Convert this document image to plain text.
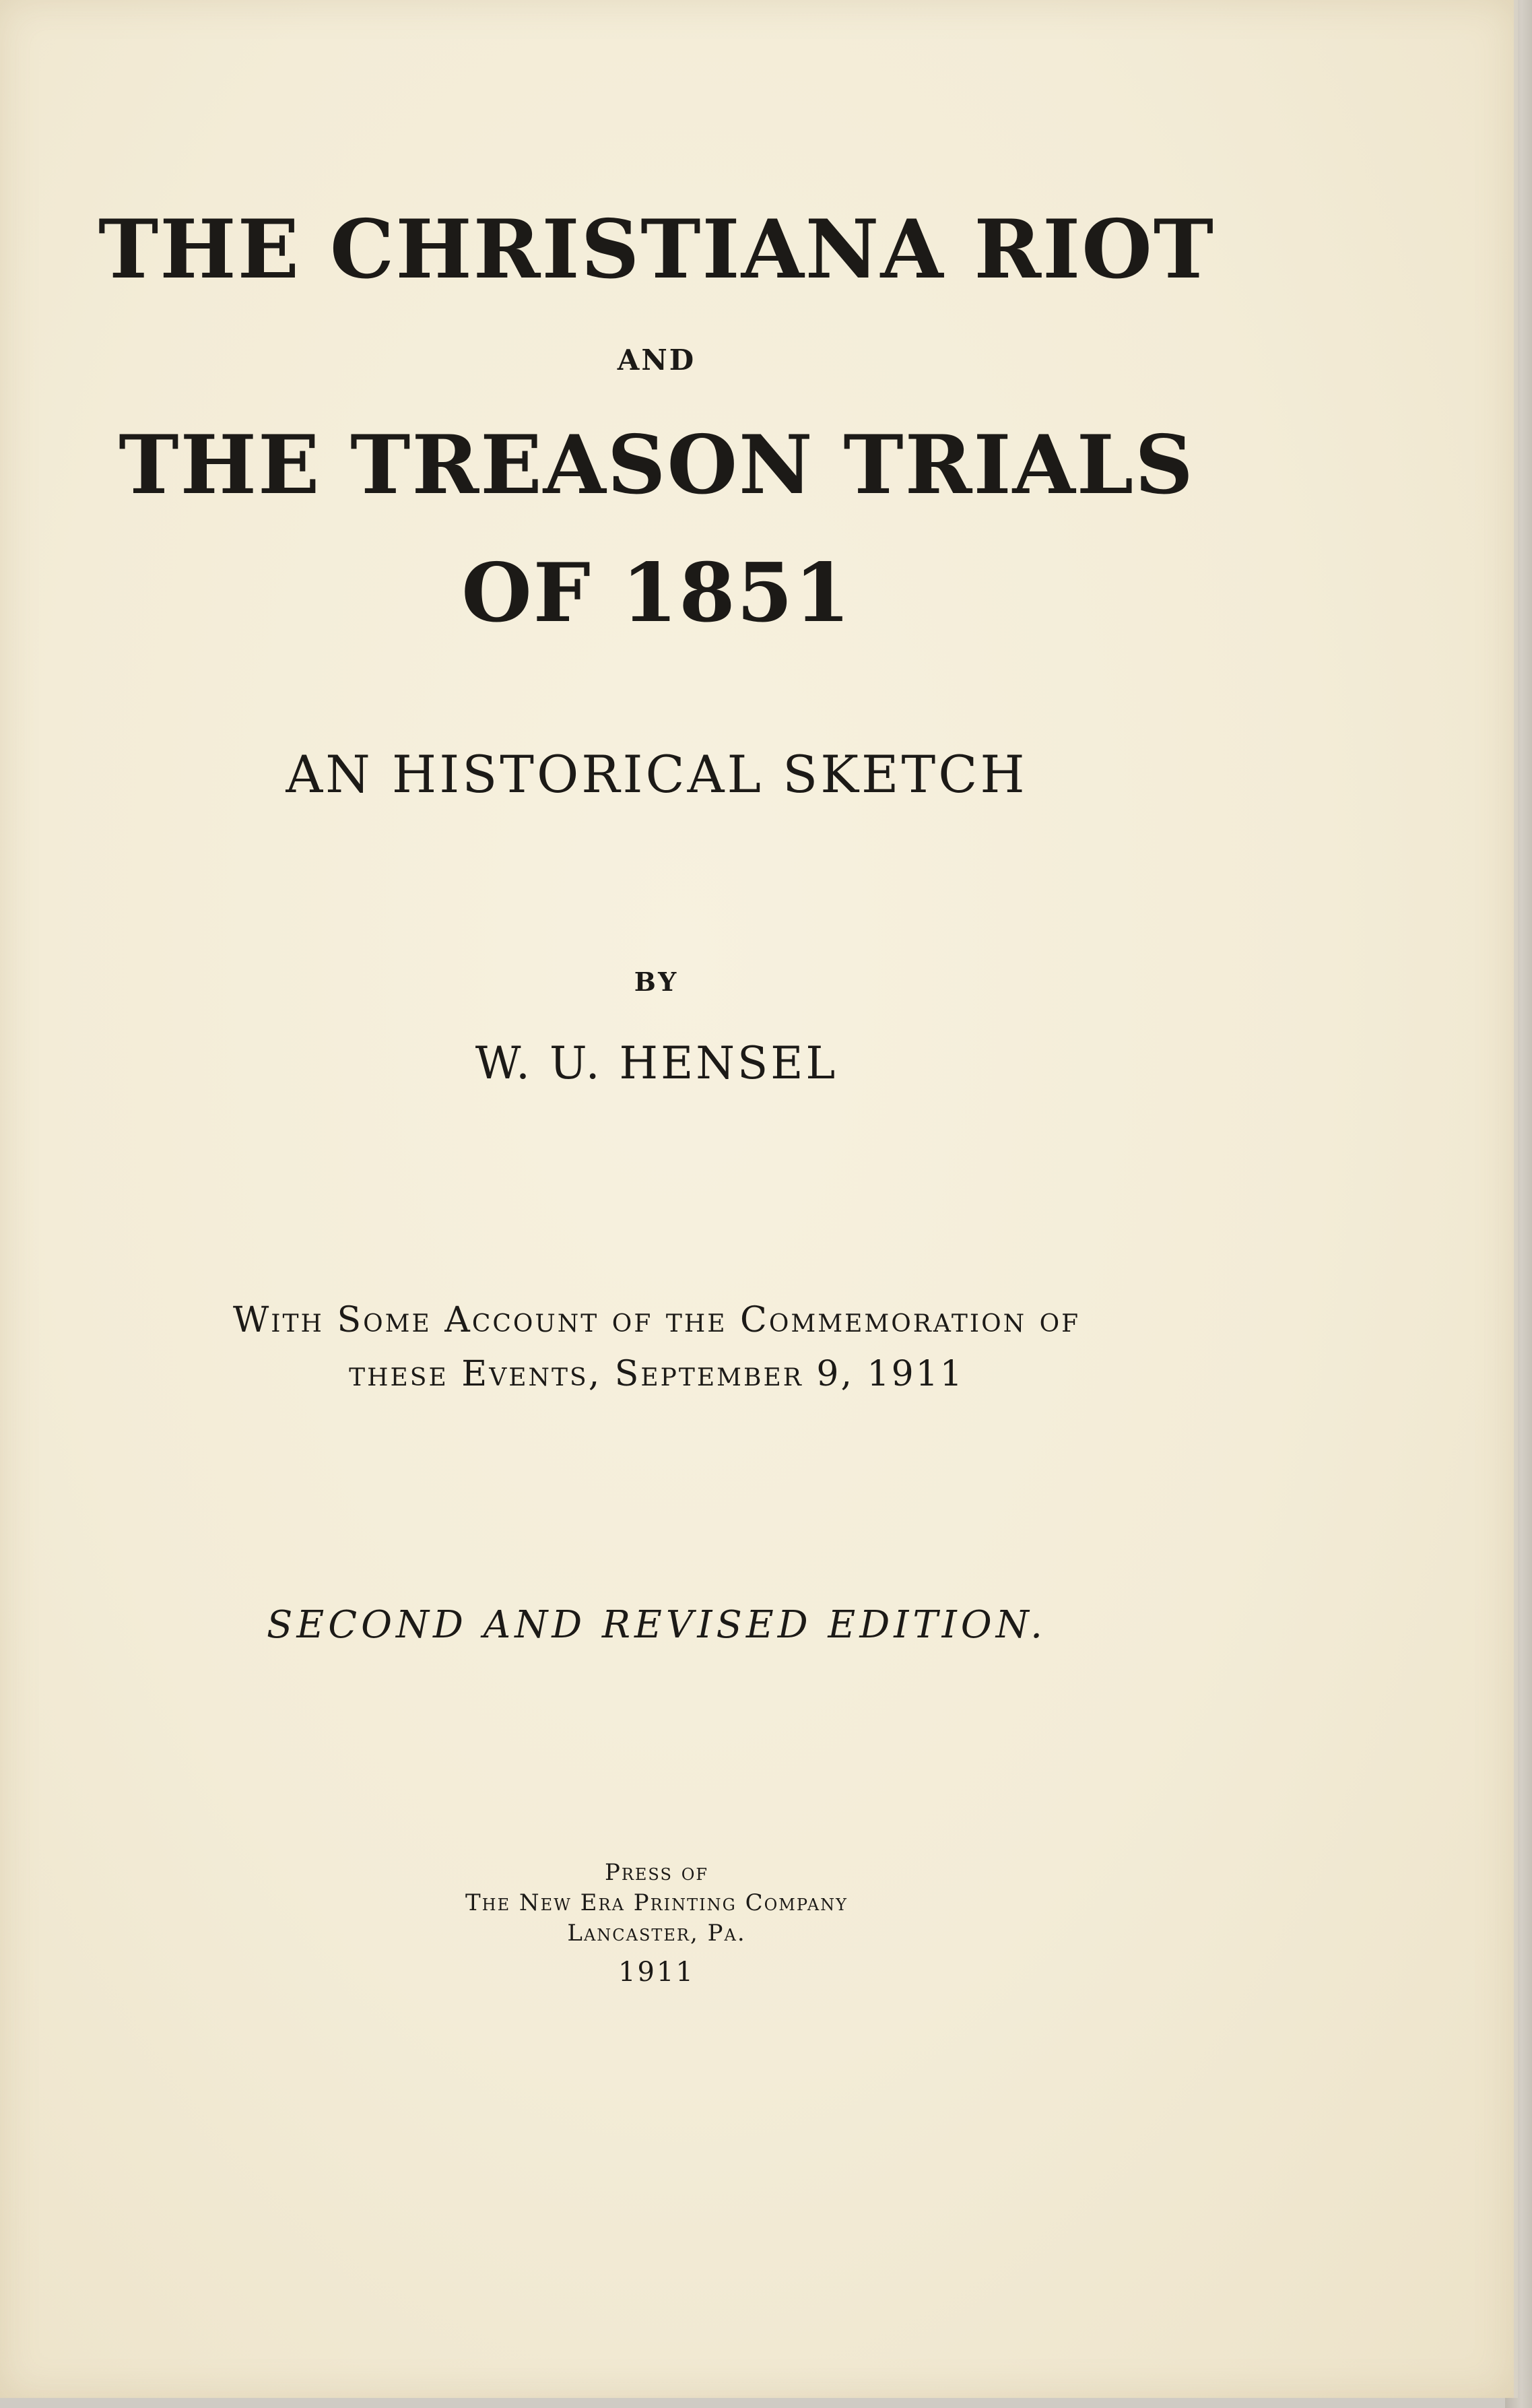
THE CHRISTIANA RIOT
AND
THE TREASON TRIALS
OF 1851
AN HISTORICAL SKETCH
BY
W. U. HENSEL
With Some Account of the Commemoration of
these Events, September 9, 1911
SECOND AND REVISED EDITION.
Press of
The New Era Printing Company
Lancaster, Pa.
1911
